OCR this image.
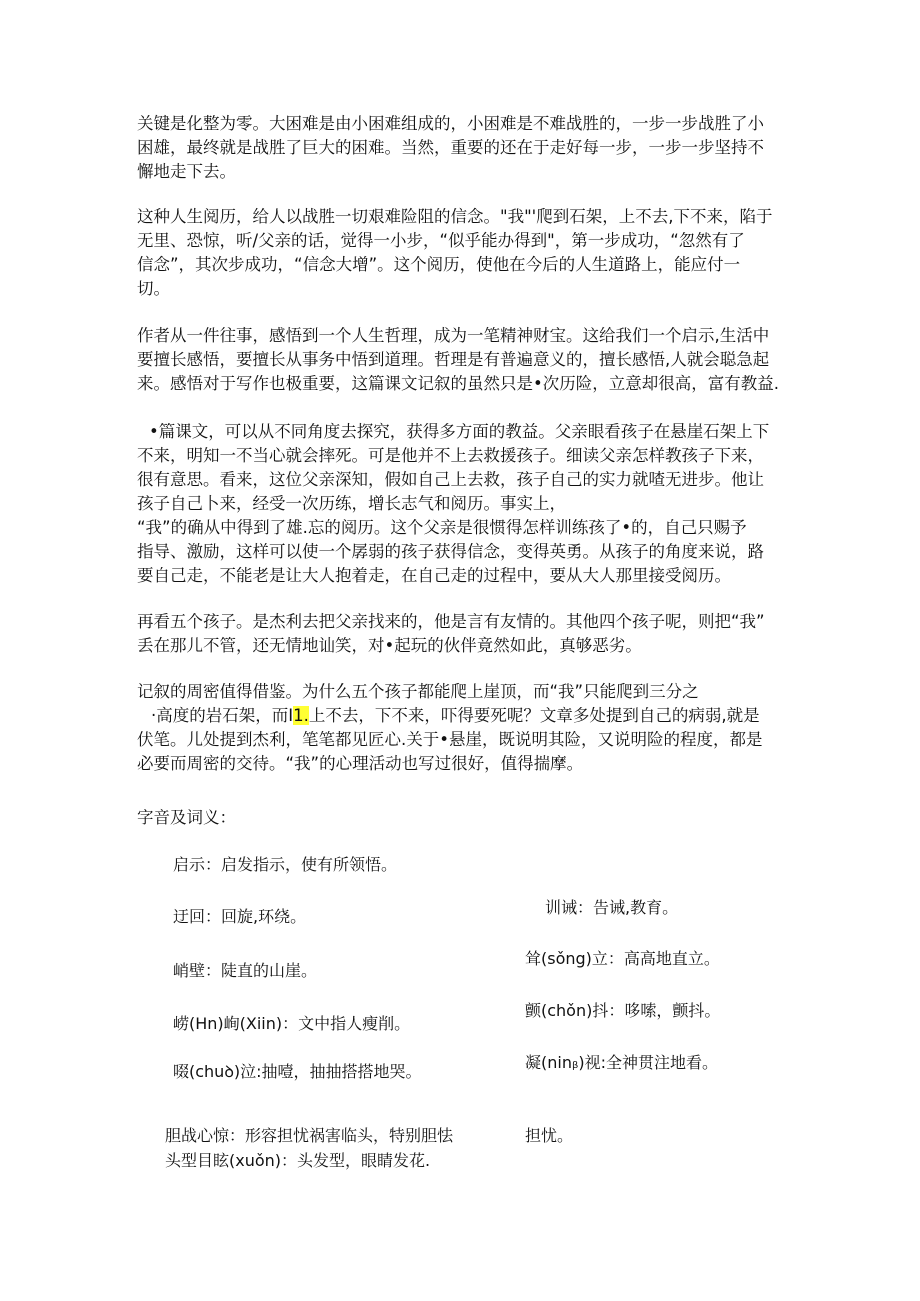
关键是化整为零。大困难是由小困难组成的，小困难是不难战胜的，一步一步战胜了小
困雄，最终就是战胜了巨大的困难。当然，重要的还在于走好每一步，一步一步坚持不
懈地走下去。
这种人生阅历，给人以战胜一切艰难险阻的信念。"我"'爬到石架，上不去,下不来，陷于
无里、恐惊，听/父亲的话，觉得一小步，“似乎能办得到"，第一步成功，“忽然有了
信念”，其次步成功，“信念大增”。这个阅历，使他在今后的人生道路上，能应付一
切。
作者从一件往事，感悟到一个人生哲理，成为一笔精神财宝。这给我们一个启示,生活中
要擅长感悟，要擅长从事务中悟到道理。哲理是有普遍意义的，擅长感悟,人就会聪急起
来。感悟对于写作也极重要，这篇课文记叙的虽然只是•次历险，立意却很高，富有教益.
•篇课文，可以从不同角度去探究，获得多方面的教益。父亲眼看孩子在悬崖石架上下
不来，明知一不当心就会摔死。可是他并不上去救援孩子。细读父亲怎样教孩子下来，
很有意思。看来，这位父亲深知，假如自己上去救，孩子自己的实力就喳无进步。他让
孩子自己卜来，经受一次历练，增长志气和阅历。事实上，
“我”的确从中得到了雄.忘的阅历。这个父亲是很惯得怎样训练孩了•的，自己只赐予
指导、激励，这样可以使一个孱弱的孩子获得信念，变得英勇。从孩子的角度来说，路
要自己走，不能老是让大人抱着走，在自己走的过程中，要从大人那里接受阅历。
再看五个孩子。是杰利去把父亲找来的，他是言有友情的。其他四个孩子呢，则把“我”
丢在那儿不管，还无情地讪笑，对•起玩的伙伴竟然如此，真够恶劣。
记叙的周密值得借鉴。为什么五个孩子都能爬上崖顶，而“我”只能爬到三分之
·高度的岩石架，而I1.上不去，下不来，吓得要死呢？文章多处提到自己的病弱,就是
伏笔。儿处提到杰利，笔笔都见匠心.关于•悬崖，既说明其险，又说明险的程度，都是
必要而周密的交待。“我”的心理活动也写过很好，值得揣摩。

字音及词义：

启示：启发指示，使有所领悟。

训诫：告诫,教育。

迂回：回旋,环绕。

耸(sǒng)立：高高地直立。

峭壁：陡直的山崖。

颤(chǒn)抖：哆嗦，颤抖。

崂(Hn)峋(Xiin)：文中指人瘦削。

凝(ninᵦ)视:全神贯注地看。

啜(chuꝺ)泣:抽噎，抽抽搭搭地哭。

胆战心惊：形容担忧祸害临头，特别胆怯	担忧。

头型目眩(xuǒn)：头发型，眼睛发花.
